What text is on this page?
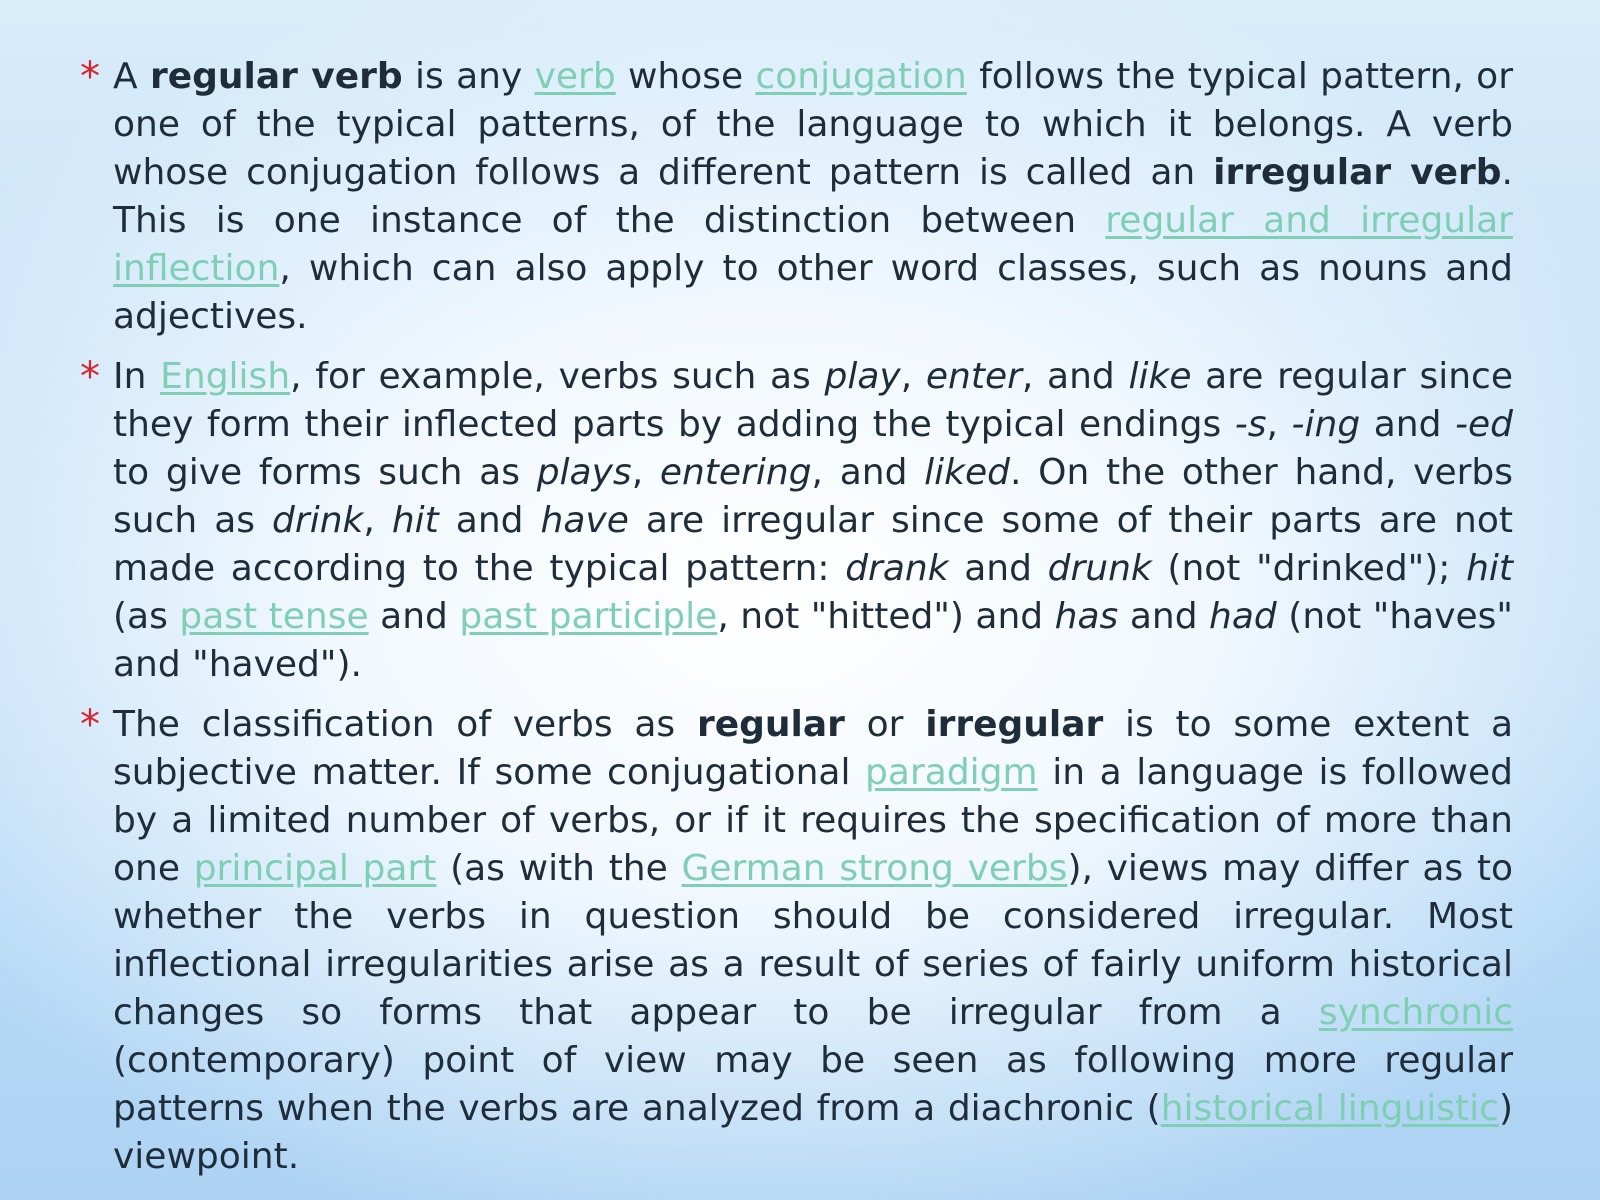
* A regular verb is any verb whose conjugation follows the typical pattern, or one of the typical patterns, of the language to which it belongs. A verb whose conjugation follows a different pattern is called an irregular verb. This is one instance of the distinction between regular and irregular inflection, which can also apply to other word classes, such as nouns and adjectives.
* In English, for example, verbs such as play, enter, and like are regular since they form their inflected parts by adding the typical endings -s, -ing and -ed to give forms such as plays, entering, and liked. On the other hand, verbs such as drink, hit and have are irregular since some of their parts are not made according to the typical pattern: drank and drunk (not "drinked"); hit (as past tense and past participle, not "hitted") and has and had (not "haves" and "haved").
* The classification of verbs as regular or irregular is to some extent a subjective matter. If some conjugational paradigm in a language is followed by a limited number of verbs, or if it requires the specification of more than one principal part (as with the German strong verbs), views may differ as to whether the verbs in question should be considered irregular. Most inflectional irregularities arise as a result of series of fairly uniform historical changes so forms that appear to be irregular from a synchronic (contemporary) point of view may be seen as following more regular patterns when the verbs are analyzed from a diachronic (historical linguistic) viewpoint.
